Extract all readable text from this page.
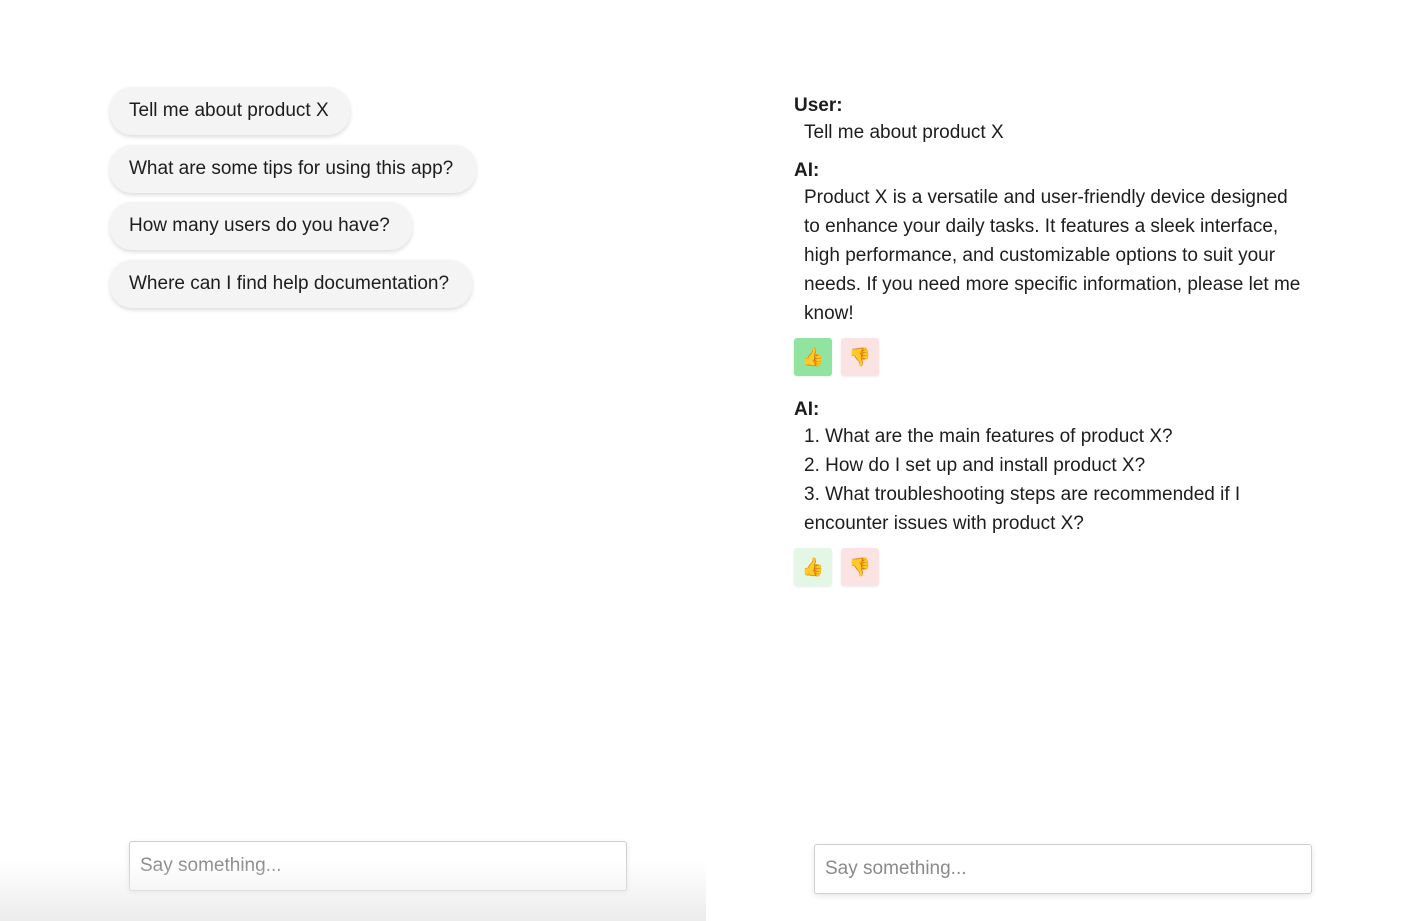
Tell me about product X
What are some tips for using this app?
How many users do you have?
Where can I find help documentation?
Say something...

User:

Tell me about product X

AI:

Product X is a versatile and user-friendly device designed to enhance your daily tasks. It features a sleek interface, high performance, and customizable options to suit your needs. If you need more specific information, please let me know!

👍 👎

AI:

1. What are the main features of product X?
2. How do I set up and install product X?
3. What troubleshooting steps are recommended if I encounter issues with product X?
👍 👎
Say something...
